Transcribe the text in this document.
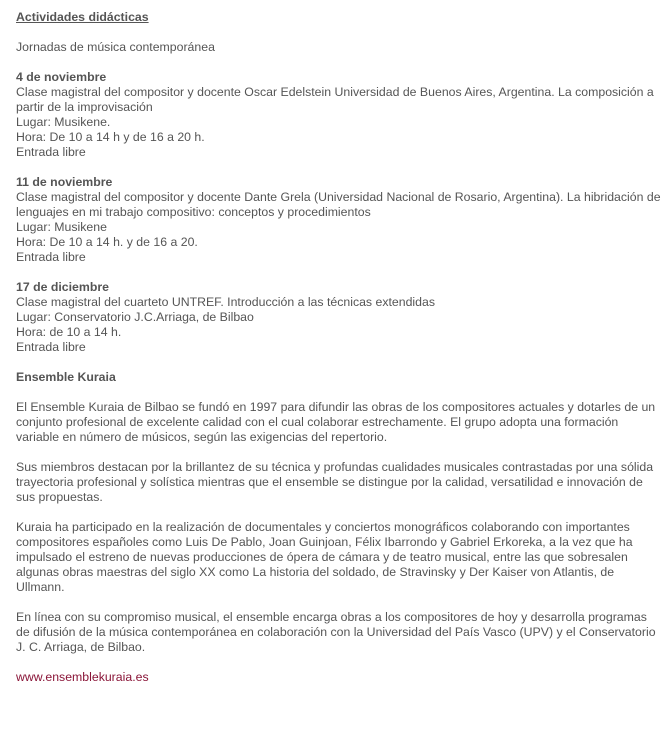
Actividades didácticas
Jornadas de música contemporánea
4 de noviembre
Clase magistral del compositor y docente Oscar Edelstein Universidad de Buenos Aires, Argentina. La composición a partir de la improvisación
Lugar: Musikene.
Hora: De 10 a 14 h y de 16 a 20 h.
Entrada libre
11 de noviembre
Clase magistral del compositor y docente Dante Grela (Universidad Nacional de Rosario, Argentina). La hibridación de lenguajes en mi trabajo compositivo: conceptos y procedimientos
Lugar: Musikene
Hora: De 10 a 14 h. y de 16 a 20.
Entrada libre
17 de diciembre
Clase magistral del cuarteto UNTREF. Introducción a las técnicas extendidas
Lugar: Conservatorio J.C.Arriaga, de Bilbao
Hora: de 10 a 14 h.
Entrada libre
Ensemble Kuraia
El Ensemble Kuraia de Bilbao se fundó en 1997 para difundir las obras de los compositores actuales y dotarles de un conjunto profesional de excelente calidad con el cual colaborar estrechamente. El grupo adopta una formación variable en número de músicos, según las exigencias del repertorio.
Sus miembros destacan por la brillantez de su técnica y profundas cualidades musicales contrastadas por una sólida trayectoria profesional y solística mientras que el ensemble se distingue por la calidad, versatilidad e innovación de sus propuestas.
Kuraia ha participado en la realización de documentales y conciertos monográficos colaborando con importantes compositores españoles como Luis De Pablo, Joan Guinjoan, Félix Ibarrondo y Gabriel Erkoreka, a la vez que ha impulsado el estreno de nuevas producciones de ópera de cámara y de teatro musical, entre las que sobresalen algunas obras maestras del siglo XX como La historia del soldado, de Stravinsky y Der Kaiser von Atlantis, de Ullmann.
En línea con su compromiso musical, el ensemble encarga obras a los compositores de hoy y desarrolla programas de difusión de la música contemporánea en colaboración con la Universidad del País Vasco (UPV) y el Conservatorio J. C. Arriaga, de Bilbao.
www.ensemblekuraia.es
